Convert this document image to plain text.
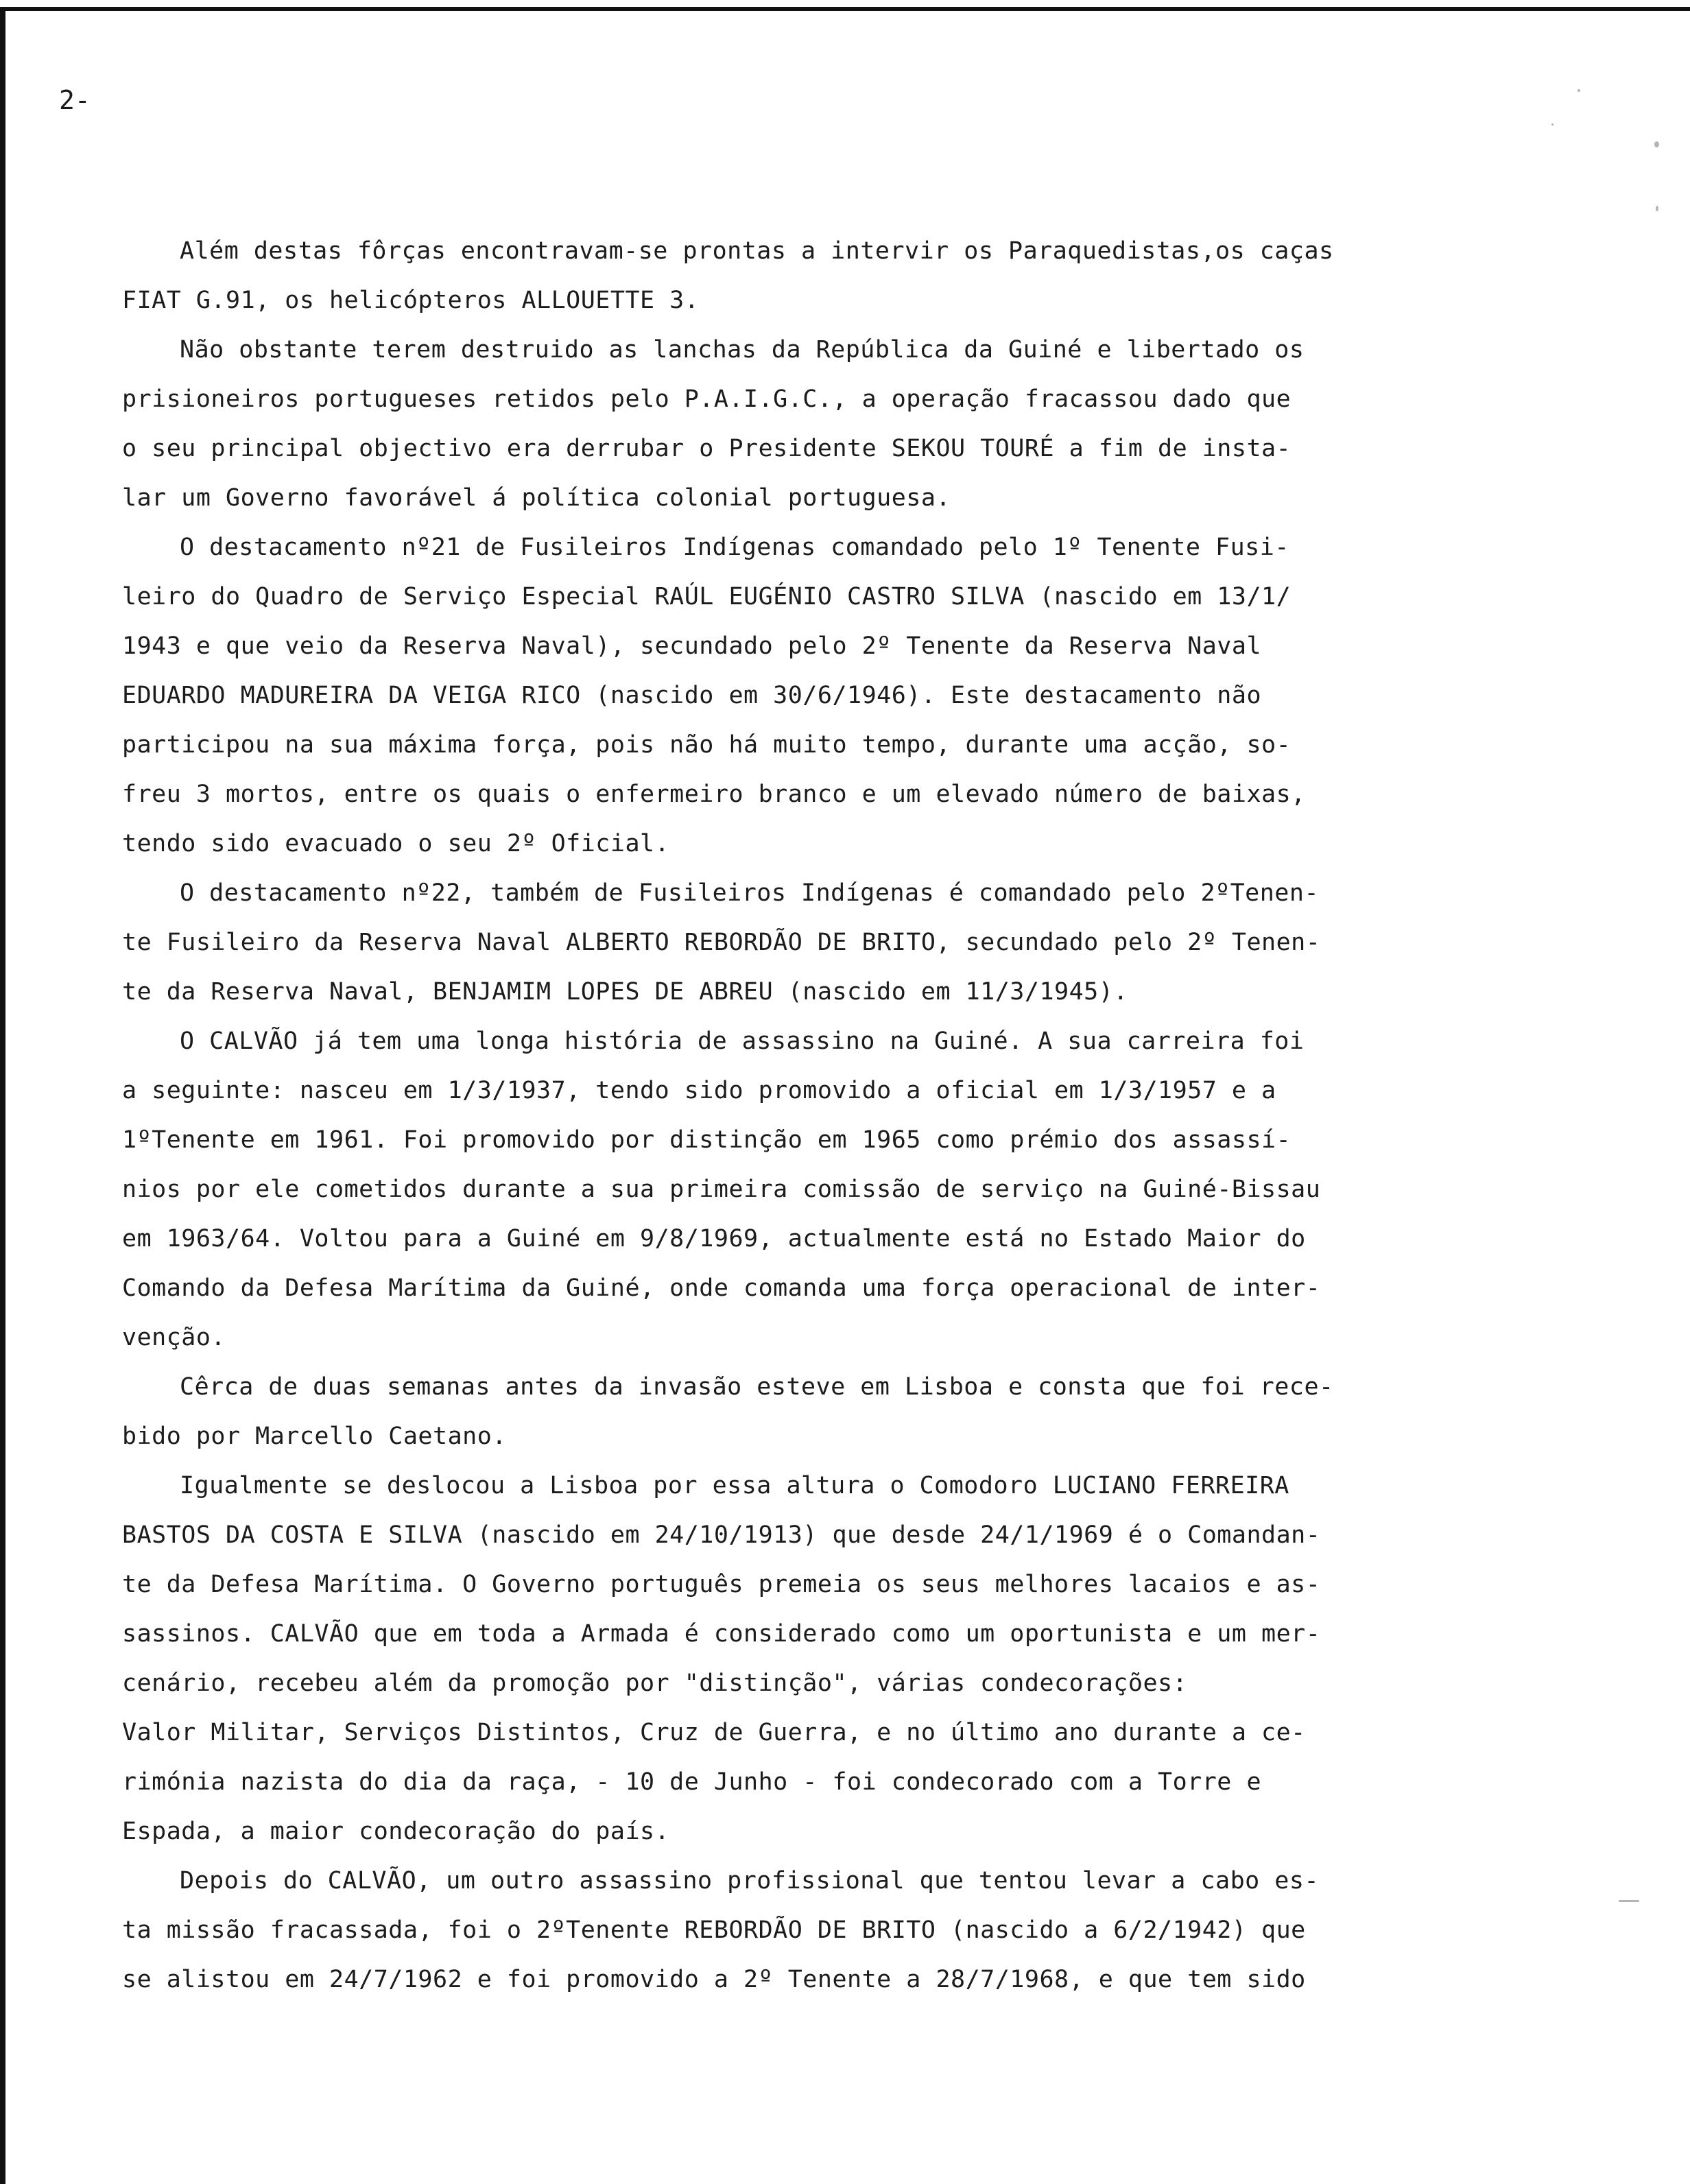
2-

Além destas fôrças encontravam-se prontas a intervir os Paraquedistas,os caças
FIAT G.91, os helicópteros ALLOUETTE 3.

Não obstante terem destruido as lanchas da República da Guiné e libertado os
prisioneiros portugueses retidos pelo P.A.I.G.C., a operação fracassou dado que
o seu principal objectivo era derrubar o Presidente SEKOU TOURÉ a fim de insta-
lar um Governo favorável á política colonial portuguesa.

O destacamento nº21 de Fusileiros Indígenas comandado pelo 1º Tenente Fusi-
leiro do Quadro de Serviço Especial RAÚL EUGÉNIO CASTRO SILVA (nascido em 13/1/
1943 e que veio da Reserva Naval), secundado pelo 2º Tenente da Reserva Naval
EDUARDO MADUREIRA DA VEIGA RICO (nascido em 30/6/1946). Este destacamento não
participou na sua máxima força, pois não há muito tempo, durante uma acção, so-
freu 3 mortos, entre os quais o enfermeiro branco e um elevado número de baixas,
tendo sido evacuado o seu 2º Oficial.

O destacamento nº22, também de Fusileiros Indígenas é comandado pelo 2ºTenen-
te Fusileiro da Reserva Naval ALBERTO REBORDÃO DE BRITO, secundado pelo 2º Tenen-
te da Reserva Naval, BENJAMIM LOPES DE ABREU (nascido em 11/3/1945).

O CALVÃO já tem uma longa história de assassino na Guiné. A sua carreira foi
a seguinte: nasceu em 1/3/1937, tendo sido promovido a oficial em 1/3/1957 e a
1ºTenente em 1961. Foi promovido por distinção em 1965 como prémio dos assassí-
nios por ele cometidos durante a sua primeira comissão de serviço na Guiné-Bissau
em 1963/64. Voltou para a Guiné em 9/8/1969, actualmente está no Estado Maior do
Comando da Defesa Marítima da Guiné, onde comanda uma força operacional de inter-
venção.

Cêrca de duas semanas antes da invasão esteve em Lisboa e consta que foi rece-
bido por Marcello Caetano.

Igualmente se deslocou a Lisboa por essa altura o Comodoro LUCIANO FERREIRA
BASTOS DA COSTA E SILVA (nascido em 24/10/1913) que desde 24/1/1969 é o Comandan-
te da Defesa Marítima. O Governo português premeia os seus melhores lacaios e as-
sassinos. CALVÃO que em toda a Armada é considerado como um oportunista e um mer-
cenário, recebeu além da promoção por "distinção", várias condecorações:
Valor Militar, Serviços Distintos, Cruz de Guerra, e no último ano durante a ce-
rimónia nazista do dia da raça, - 10 de Junho - foi condecorado com a Torre e
Espada, a maior condecoração do país.

Depois do CALVÃO, um outro assassino profissional que tentou levar a cabo es-
ta missão fracassada, foi o 2ºTenente REBORDÃO DE BRITO (nascido a 6/2/1942) que
se alistou em 24/7/1962 e foi promovido a 2º Tenente a 28/7/1968, e que tem sido
